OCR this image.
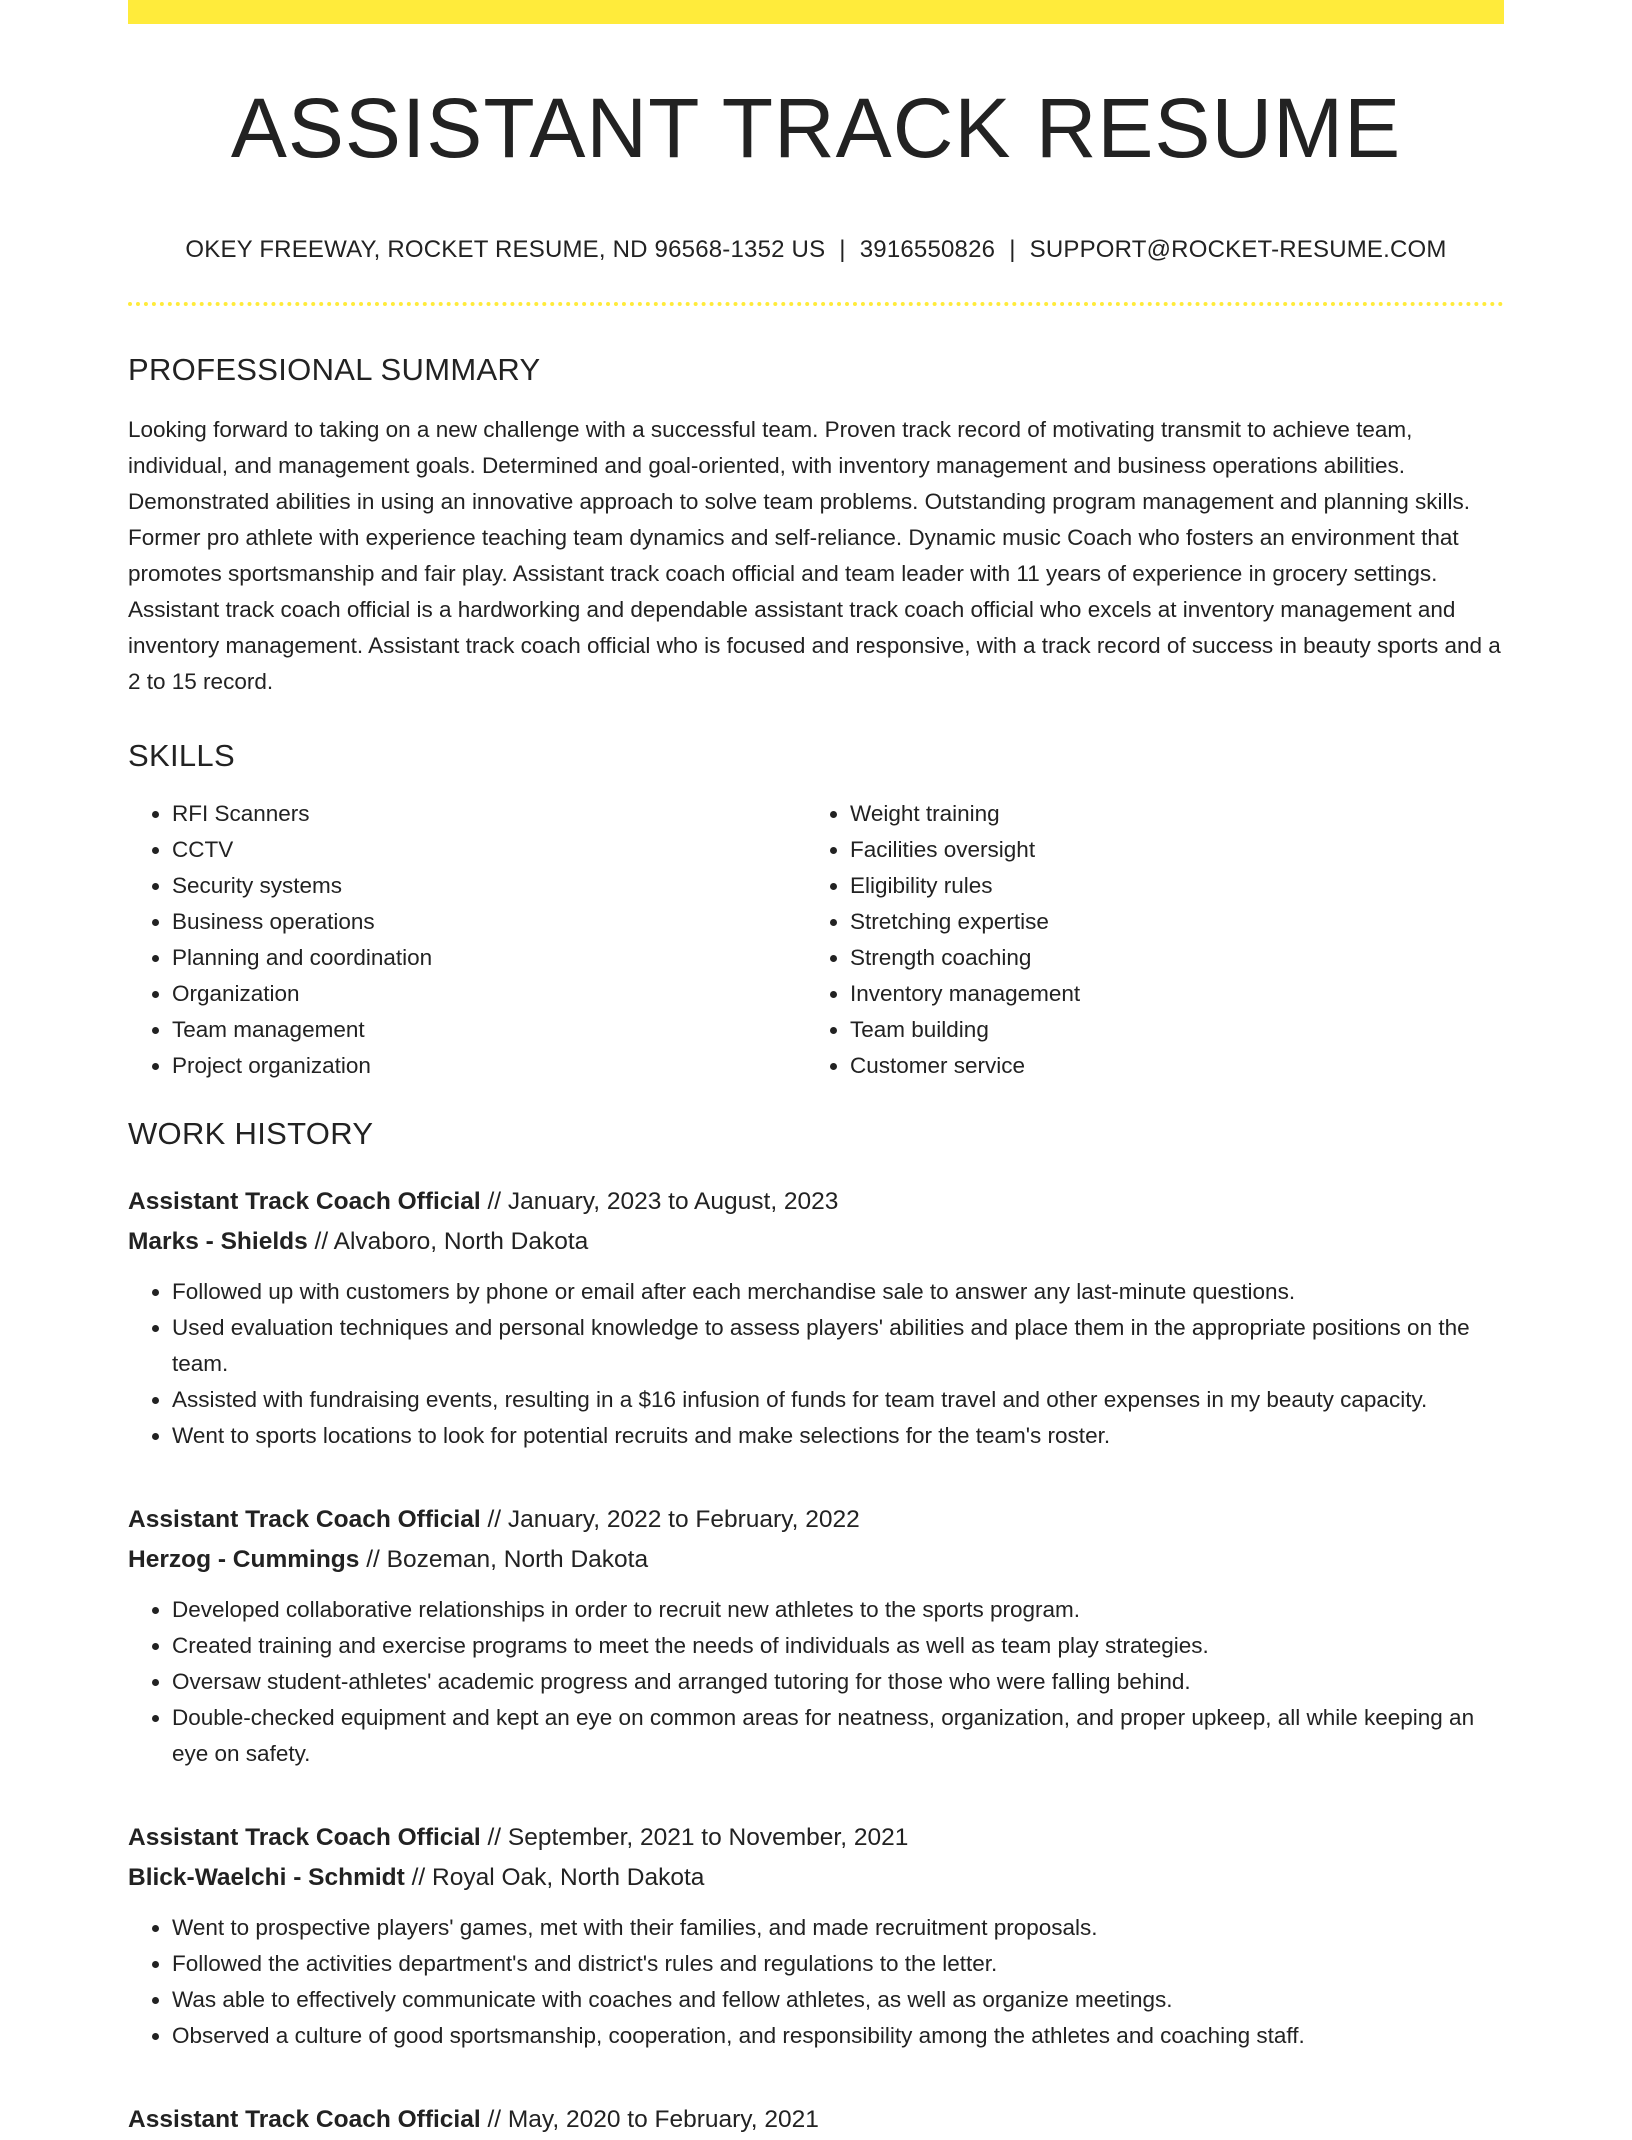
ASSISTANT TRACK RESUME
OKEY FREEWAY, ROCKET RESUME, ND 96568-1352 US | 3916550826 | SUPPORT@ROCKET-RESUME.COM
PROFESSIONAL SUMMARY

Looking forward to taking on a new challenge with a successful team. Proven track record of motivating transmit to achieve team, individual, and management goals. Determined and goal-oriented, with inventory management and business operations abilities. Demonstrated abilities in using an innovative approach to solve team problems. Outstanding program management and planning skills. Former pro athlete with experience teaching team dynamics and self-reliance. Dynamic music Coach who fosters an environment that promotes sportsmanship and fair play. Assistant track coach official and team leader with 11 years of experience in grocery settings. Assistant track coach official is a hardworking and dependable assistant track coach official who excels at inventory management and inventory management. Assistant track coach official who is focused and responsive, with a track record of success in beauty sports and a 2 to 15 record.

SKILLS
• RFI Scanners
• CCTV
• Security systems
• Business operations
• Planning and coordination
• Organization
• Team management
• Project organization
• Weight training
• Facilities oversight
• Eligibility rules
• Stretching expertise
• Strength coaching
• Inventory management
• Team building
• Customer service
WORK HISTORY
Assistant Track Coach Official // January, 2023 to August, 2023
Marks - Shields // Alvaboro, North Dakota
• Followed up with customers by phone or email after each merchandise sale to answer any last-minute questions.
• Used evaluation techniques and personal knowledge to assess players' abilities and place them in the appropriate positions on the team.
• Assisted with fundraising events, resulting in a $16 infusion of funds for team travel and other expenses in my beauty capacity.
• Went to sports locations to look for potential recruits and make selections for the team's roster.
Assistant Track Coach Official // January, 2022 to February, 2022
Herzog - Cummings // Bozeman, North Dakota
• Developed collaborative relationships in order to recruit new athletes to the sports program.
• Created training and exercise programs to meet the needs of individuals as well as team play strategies.
• Oversaw student-athletes' academic progress and arranged tutoring for those who were falling behind.
• Double-checked equipment and kept an eye on common areas for neatness, organization, and proper upkeep, all while keeping an eye on safety.
Assistant Track Coach Official // September, 2021 to November, 2021
Blick-Waelchi - Schmidt // Royal Oak, North Dakota
• Went to prospective players' games, met with their families, and made recruitment proposals.
• Followed the activities department's and district's rules and regulations to the letter.
• Was able to effectively communicate with coaches and fellow athletes, as well as organize meetings.
• Observed a culture of good sportsmanship, cooperation, and responsibility among the athletes and coaching staff.
Assistant Track Coach Official // May, 2020 to February, 2021
